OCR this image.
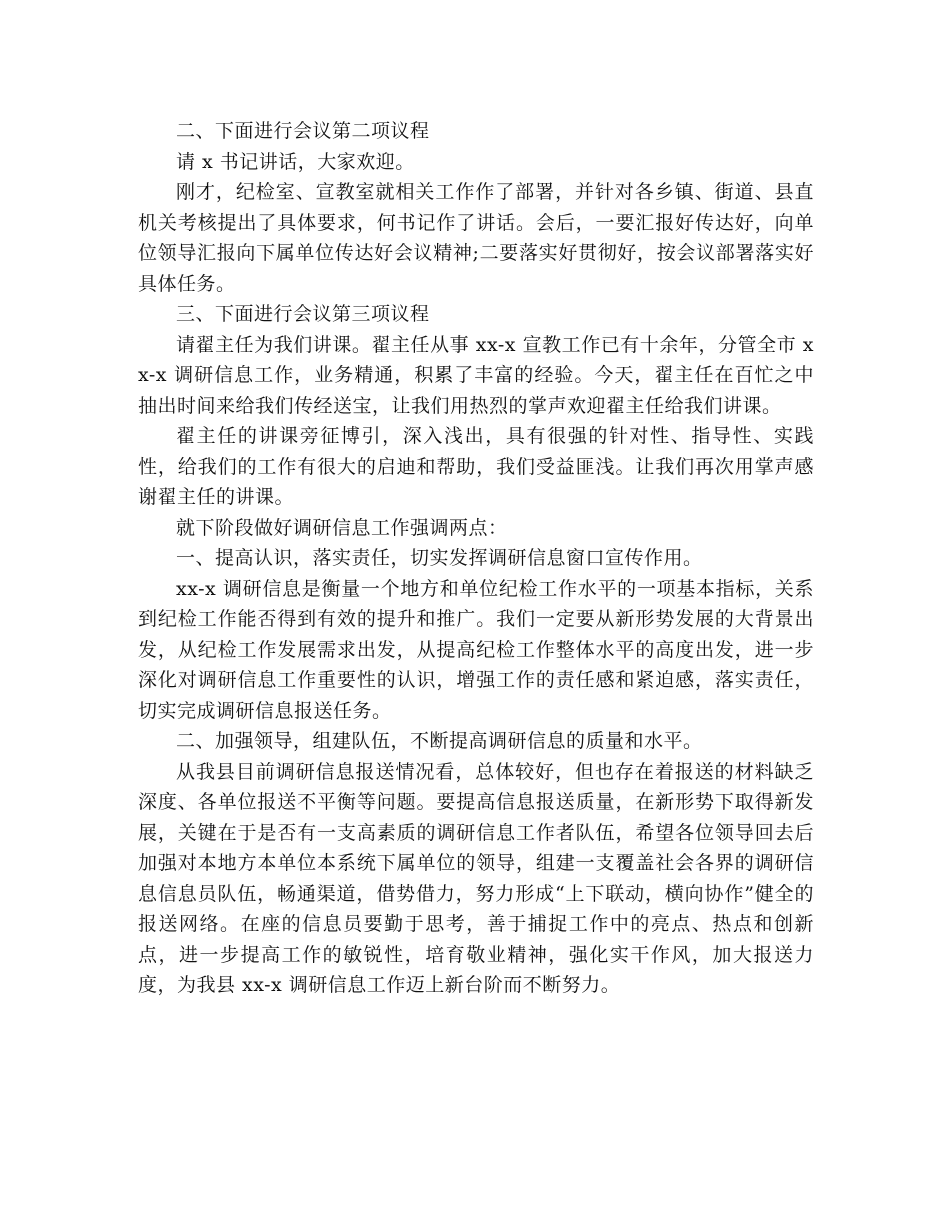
二、下面进行会议第二项议程

请 x 书记讲话，大家欢迎。

刚才，纪检室、宣教室就相关工作作了部署，并针对各乡镇、街道、县直机关考核提出了具体要求，何书记作了讲话。会后，一要汇报好传达好，向单位领导汇报向下属单位传达好会议精神;二要落实好贯彻好，按会议部署落实好具体任务。

三、下面进行会议第三项议程

请翟主任为我们讲课。翟主任从事 xx-x 宣教工作已有十余年，分管全市 xx-x 调研信息工作，业务精通，积累了丰富的经验。今天，翟主任在百忙之中抽出时间来给我们传经送宝，让我们用热烈的掌声欢迎翟主任给我们讲课。

翟主任的讲课旁征博引，深入浅出，具有很强的针对性、指导性、实践性，给我们的工作有很大的启迪和帮助，我们受益匪浅。让我们再次用掌声感谢翟主任的讲课。

就下阶段做好调研信息工作强调两点：

一、提高认识，落实责任，切实发挥调研信息窗口宣传作用。

xx-x 调研信息是衡量一个地方和单位纪检工作水平的一项基本指标，关系到纪检工作能否得到有效的提升和推广。我们一定要从新形势发展的大背景出发，从纪检工作发展需求出发，从提高纪检工作整体水平的高度出发，进一步深化对调研信息工作重要性的认识，增强工作的责任感和紧迫感，落实责任，切实完成调研信息报送任务。

二、加强领导，组建队伍，不断提高调研信息的质量和水平。

从我县目前调研信息报送情况看，总体较好，但也存在着报送的材料缺乏深度、各单位报送不平衡等问题。要提高信息报送质量，在新形势下取得新发展，关键在于是否有一支高素质的调研信息工作者队伍，希望各位领导回去后加强对本地方本单位本系统下属单位的领导，组建一支覆盖社会各界的调研信息信息员队伍，畅通渠道，借势借力，努力形成“上下联动，横向协作”健全的报送网络。在座的信息员要勤于思考，善于捕捉工作中的亮点、热点和创新点，进一步提高工作的敏锐性，培育敬业精神，强化实干作风，加大报送力度，为我县 xx-x 调研信息工作迈上新台阶而不断努力。
